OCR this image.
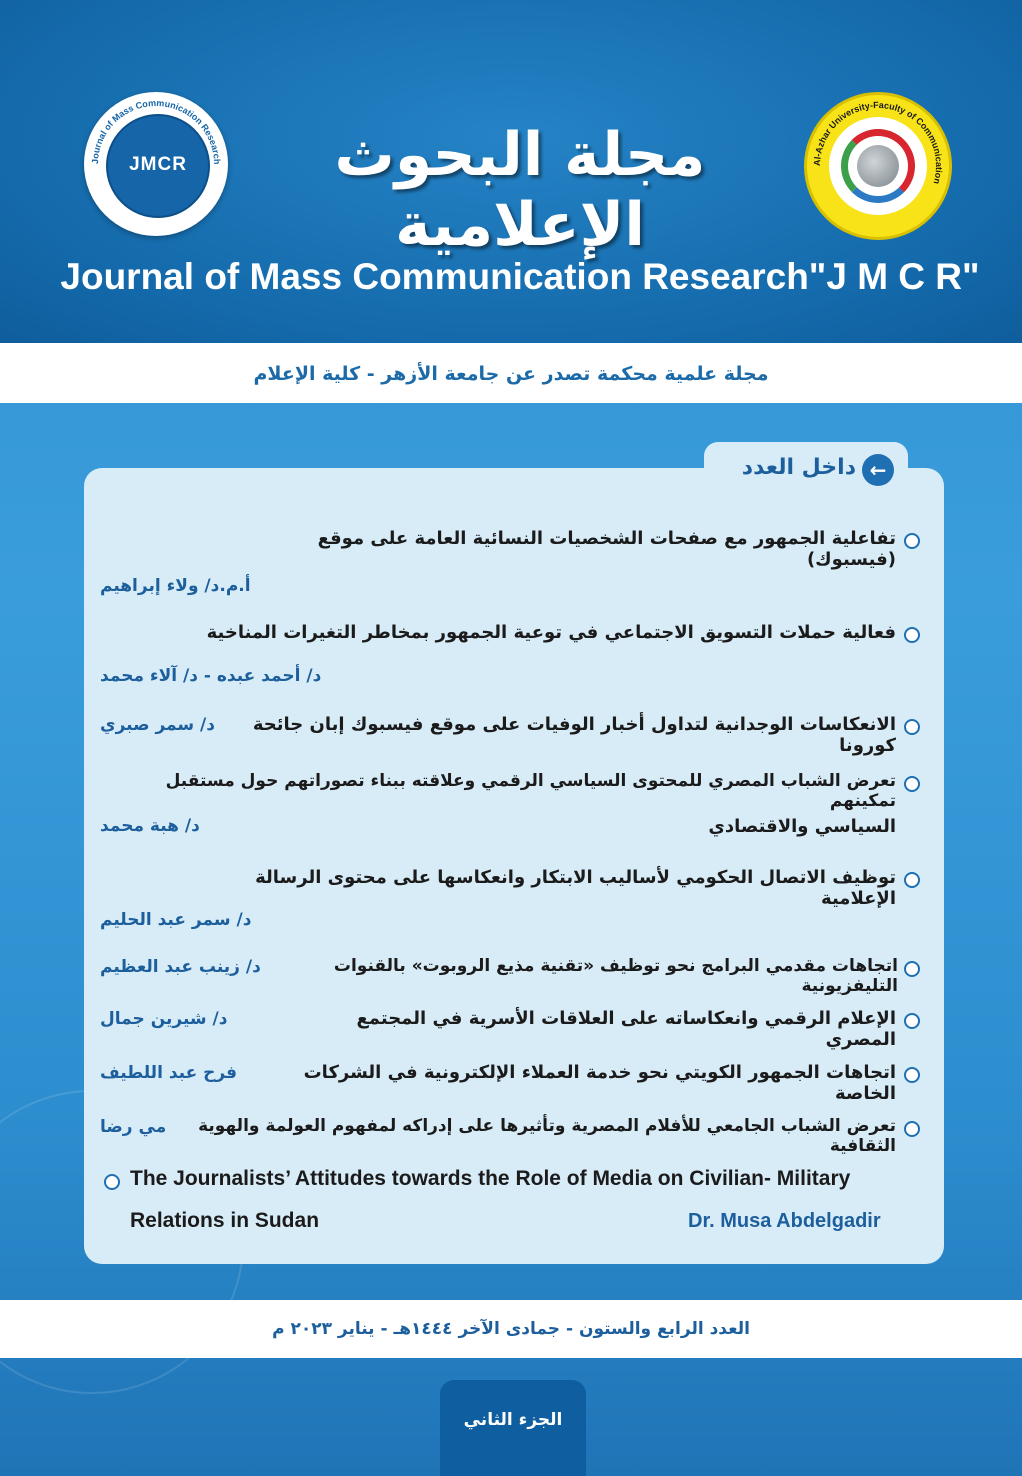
Journal of Mass Communication Research
JMCR	مجلة البحوث الإعلامية
Al-Azhar University-Faculty of Communication
Journal of Mass Communication Research"J M C R"
مجلة علمية محكمة تصدر عن جامعة الأزهر - كلية الإعلام
←
داخل العدد
تفاعلية الجمهور مع صفحات الشخصيات النسائية العامة على موقع (فيسبوك)
أ.م.د/ ولاء إبراهيم
فعالية حملات التسويق الاجتماعي في توعية الجمهور بمخاطر التغيرات المناخية
د/ أحمد عبده - د/ آلاء محمد
الانعكاسات الوجدانية لتداول أخبار الوفيات على موقع فيسبوك إبان جائحة كورونا
د/ سمر صبري
تعرض الشباب المصري للمحتوى السياسي الرقمي وعلاقته ببناء تصوراتهم حول مستقبل تمكينهم
السياسي والاقتصادي
د/ هبة محمد
توظيف الاتصال الحكومي لأساليب الابتكار وانعكاسها على محتوى الرسالة الإعلامية
د/ سمر عبد الحليم
اتجاهات مقدمي البرامج نحو توظيف «تقنية مذيع الروبوت» بالقنوات التليفزيونية
د/ زينب عبد العظيم
الإعلام الرقمي وانعكاساته على العلاقات الأسرية في المجتمع المصري
د/ شيرين جمال
اتجاهات الجمهور الكويتي نحو خدمة العملاء الإلكترونية في الشركات الخاصة
فرح عبد اللطيف
تعرض الشباب الجامعي للأفلام المصرية وتأثيرها على إدراكه لمفهوم العولمة والهوية الثقافية
مي رضا
The Journalists’ Attitudes towards the Role of Media on Civilian- Military
Relations in Sudan	Dr. Musa Abdelgadir
العدد الرابع والستون - جمادى الآخر ١٤٤٤هـ - يناير ٢٠٢٣ م
الجزء الثاني
